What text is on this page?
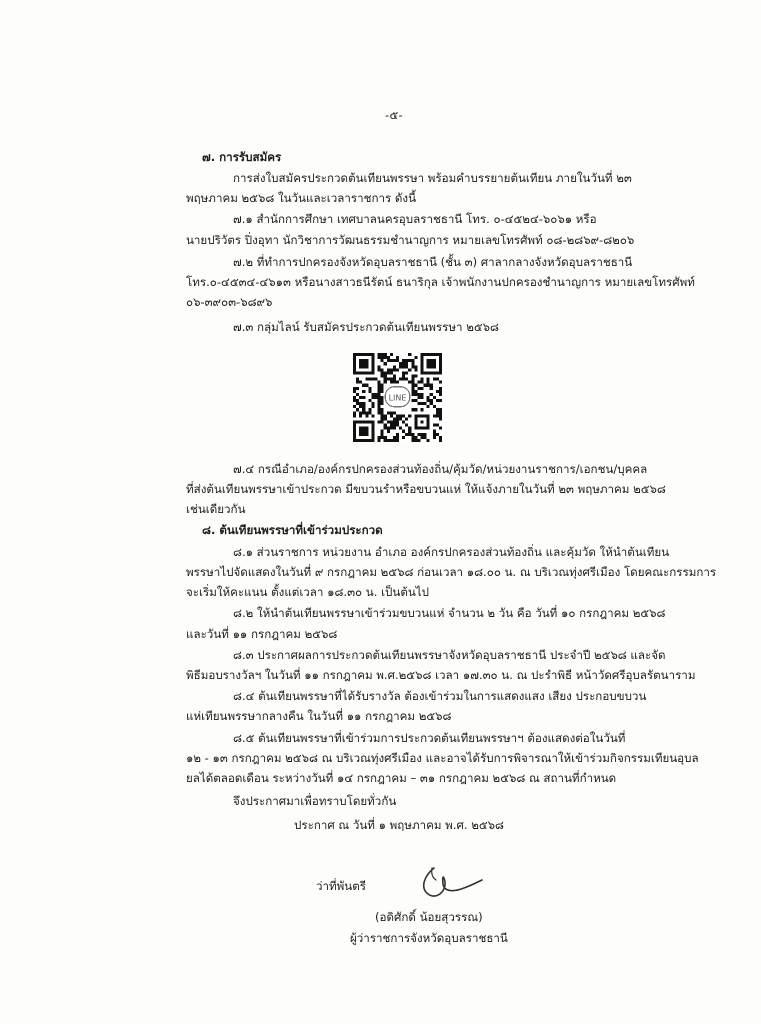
-๕-
๗. การรับสมัคร
การส่งใบสมัครประกวดต้นเทียนพรรษา พร้อมคำบรรยายต้นเทียน ภายในวันที่ ๒๓
พฤษภาคม ๒๕๖๘ ในวันและเวลาราชการ ดังนี้
๗.๑ สำนักการศึกษา เทศบาลนครอุบลราชธานี โทร. ๐-๔๕๒๔-๖๐๖๑ หรือ
นายปริวัตร ปิ่งอุทา นักวิชาการวัฒนธรรมชำนาญการ หมายเลขโทรศัพท์ ๐๘-๒๘๖๙-๘๒๐๖
๗.๒ ที่ทำการปกครองจังหวัดอุบลราชธานี (ชั้น ๓) ศาลากลางจังหวัดอุบลราชธานี
โทร.๐-๔๕๓๔-๔๖๑๓ หรือนางสาวธนีรัตน์ ธนาริกุล เจ้าพนักงานปกครองชำนาญการ หมายเลขโทรศัพท์
๐๖-๓๙๐๓-๖๘๙๖
๗.๓ กลุ่มไลน์ รับสมัครประกวดต้นเทียนพรรษา ๒๕๖๘
LINE
๗.๔ กรณีอำเภอ/องค์กรปกครองส่วนท้องถิ่น/คุ้มวัด/หน่วยงานราชการ/เอกชน/บุคคล
ที่ส่งต้นเทียนพรรษาเข้าประกวด มีขบวนรำหรือขบวนแห่ ให้แจ้งภายในวันที่ ๒๓ พฤษภาคม ๒๕๖๘
เช่นเดียวกัน
๘. ต้นเทียนพรรษาที่เข้าร่วมประกวด
๘.๑ ส่วนราชการ หน่วยงาน อำเภอ องค์กรปกครองส่วนท้องถิ่น และคุ้มวัด ให้นำต้นเทียน
พรรษาไปจัดแสดงในวันที่ ๙ กรกฎาคม ๒๕๖๘ ก่อนเวลา ๑๘.๐๐ น. ณ บริเวณทุ่งศรีเมือง โดยคณะกรรมการ
จะเริ่มให้คะแนน ตั้งแต่เวลา ๑๘.๓๐ น. เป็นต้นไป
๘.๒ ให้นำต้นเทียนพรรษาเข้าร่วมขบวนแห่ จำนวน ๒ วัน คือ วันที่ ๑๐ กรกฎาคม ๒๕๖๘
และวันที่ ๑๑ กรกฎาคม ๒๕๖๘
๘.๓ ประกาศผลการประกวดต้นเทียนพรรษาจังหวัดอุบลราชธานี ประจำปี ๒๕๖๘ และจัด
พิธีมอบรางวัลฯ ในวันที่ ๑๑ กรกฎาคม พ.ศ.๒๕๖๘ เวลา ๑๗.๓๐ น. ณ ปะรำพิธี หน้าวัดศรีอุบลรัตนาราม
๘.๔ ต้นเทียนพรรษาที่ได้รับรางวัล ต้องเข้าร่วมในการแสดงแสง เสียง ประกอบขบวน
แห่เทียนพรรษากลางคืน ในวันที่ ๑๑ กรกฎาคม ๒๕๖๘
๘.๕ ต้นเทียนพรรษาที่เข้าร่วมการประกวดต้นเทียนพรรษาฯ ต้องแสดงต่อในวันที่
๑๒ - ๑๓ กรกฎาคม ๒๕๖๘ ณ บริเวณทุ่งศรีเมือง และอาจได้รับการพิจารณาให้เข้าร่วมกิจกรรมเทียนอุบล
ยลได้ตลอดเดือน ระหว่างวันที่ ๑๔ กรกฎาคม – ๓๑ กรกฎาคม ๒๕๖๘ ณ สถานที่กำหนด
จึงประกาศมาเพื่อทราบโดยทั่วกัน
ประกาศ ณ วันที่ ๑ พฤษภาคม พ.ศ. ๒๕๖๘
ว่าที่พันตรี
(อดิศักดิ์ น้อยสุวรรณ)
ผู้ว่าราชการจังหวัดอุบลราชธานี
